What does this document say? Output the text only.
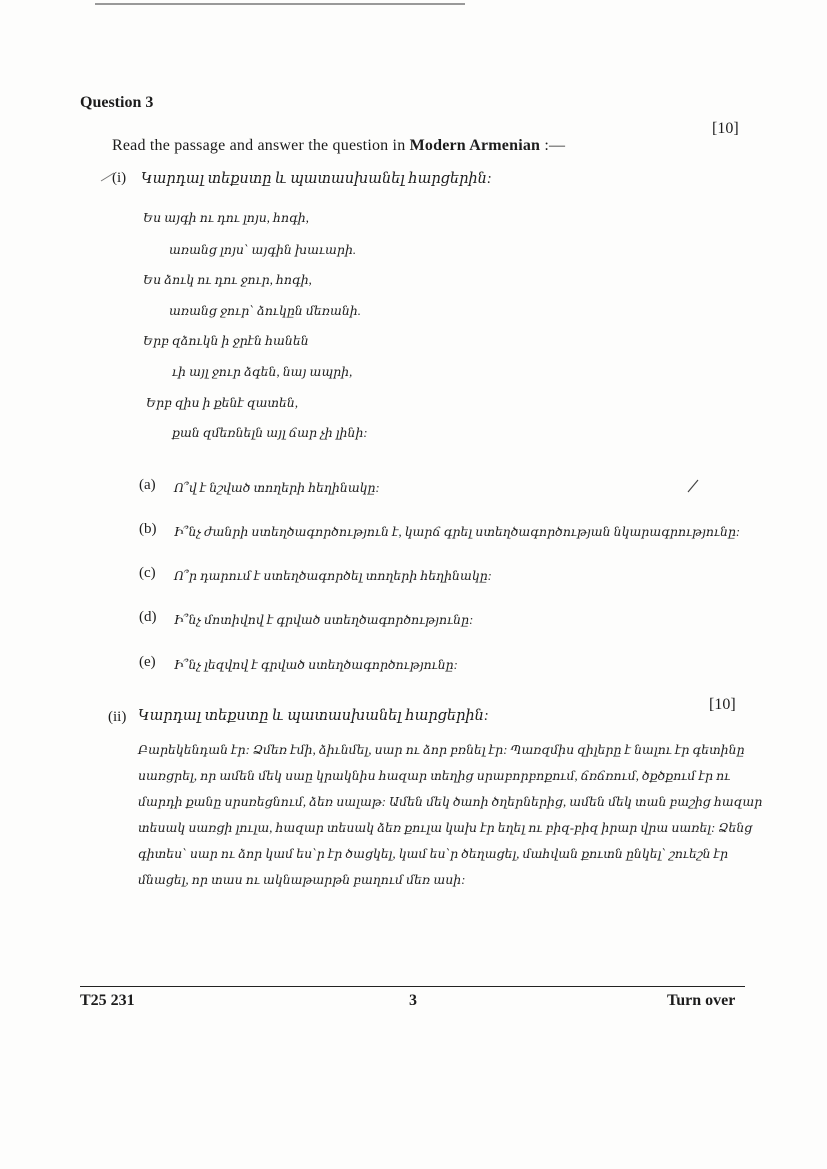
Question 3
[10]
Read the passage and answer the question in Modern Armenian :—
(i) Կարդալ տեքստը և պատասխանել հարցերին:
Ես այգի ու դու լոյս, հոգի,
առանց լոյս՝ այգին խաւարի.
Ես ձուկ ու դու ջուր, հոգի,
առանց ջուր՝ ձուկըն մեռանի.
Երբ զձուկն ի ջրէն հանեն
ւի այլ ջուր ձգեն, նայ ապրի,
Երբ զիս ի քենէ զատեն,
քան զմեռնելն այլ ճար չի լինի:
(a) Ո՞վ է նշված տողերի հեղինակը:
(b) Ի՞նչ ժանրի ստեղծագործություն է, կարճ գրել ստեղծագործության նկարագրությունը:
(c) Ո՞ր դարում է ստեղծագործել տողերի հեղինակը:
(d) Ի՞նչ մոտիվով է գրված ստեղծագործությունը:
(e) Ի՞նչ լեզվով է գրված ստեղծագործությունը:
[10]
(ii) Կարդալ տեքստը և պատասխանել հարցերին:
Բարեկենդան էր: Ձմեռ էմի, ձիւնմել, սար ու ձոր բռնել էր: Պառզմիս զիլերը է նալու էր գետինը
սառցրել, որ ամեն մեկ սաը կրակնիս հազար տեղից սրաբորբոքում, ճռճռում, ծքծքում էր ու
մարդի քանը սրսռեցնում, ձեռ սալաթ: Ամեն մեկ ծաոի ծղերներից, ամեն մեկ տան բաշից հազար
տեսակ սառցի լուլա, հազար տեսակ ձեռ քուլա կախ էր եղել ու բիզ-բիզ իրար վրա սառել: Ձենց
գիտես՝ սար ու ձոր կամ ես՝ր էր ծացկել, կամ ես՝ր ծեղացել, մահվան քուտն ընկել՝ շուեշն էր
մնացել, որ տաս ու ակնաթարթն բաղում մեռ ասի:
T25 231	3	Turn over
